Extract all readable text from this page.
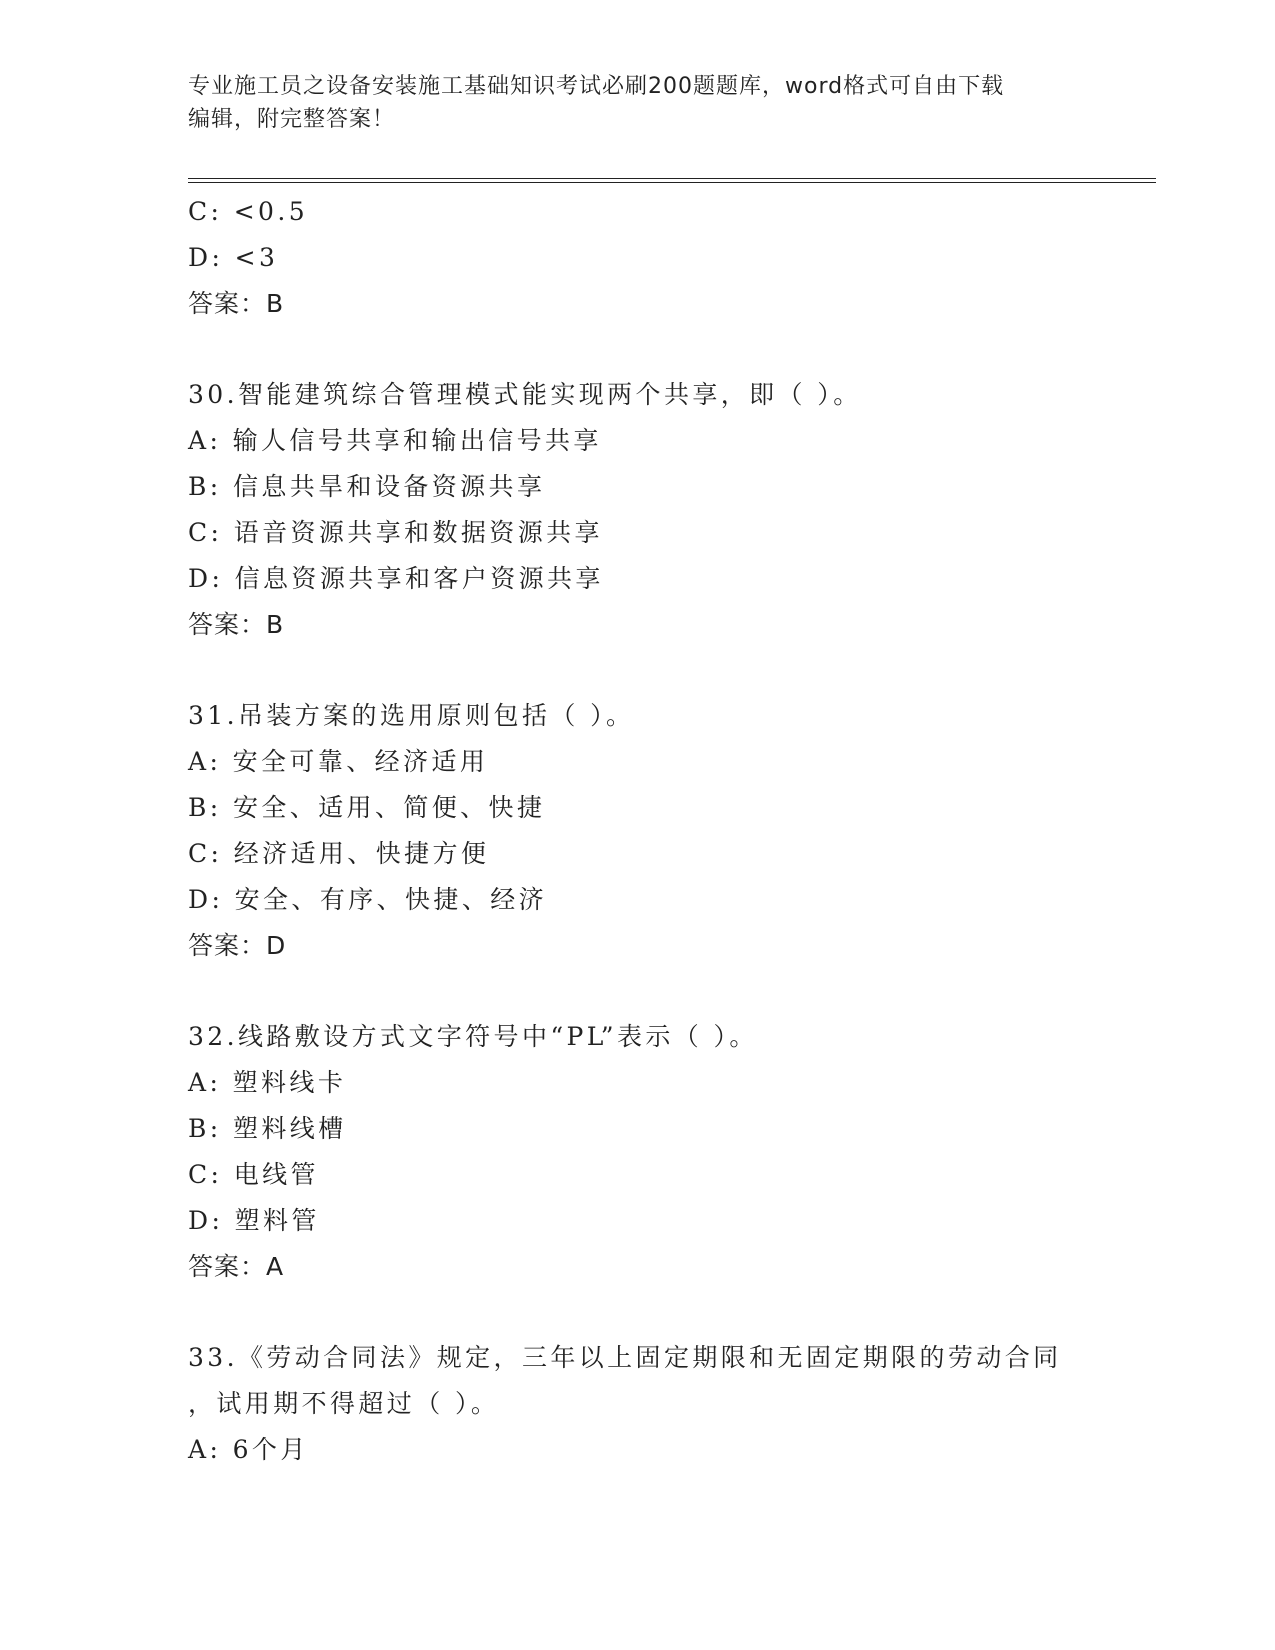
专业施工员之设备安装施工基础知识考试必刷200题题库，word格式可自由下载
编辑，附完整答案！
C: <0.5
D: <3
答案：B
30.智能建筑综合管理模式能实现两个共享，即（ ）。
A: 输人信号共享和输出信号共享
B: 信息共旱和设备资源共享
C: 语音资源共享和数据资源共享
D: 信息资源共享和客户资源共享
答案：B
31.吊装方案的选用原则包括（ ）。
A: 安全可靠、经济适用
B: 安全、适用、简便、快捷
C: 经济适用、快捷方便
D: 安全、有序、快捷、经济
答案：D
32.线路敷设方式文字符号中“PL”表示（ ）。
A: 塑料线卡
B: 塑料线槽
C: 电线管
D: 塑料管
答案：A
33.《劳动合同法》规定，三年以上固定期限和无固定期限的劳动合同
，试用期不得超过（ ）。
A: 6个月
